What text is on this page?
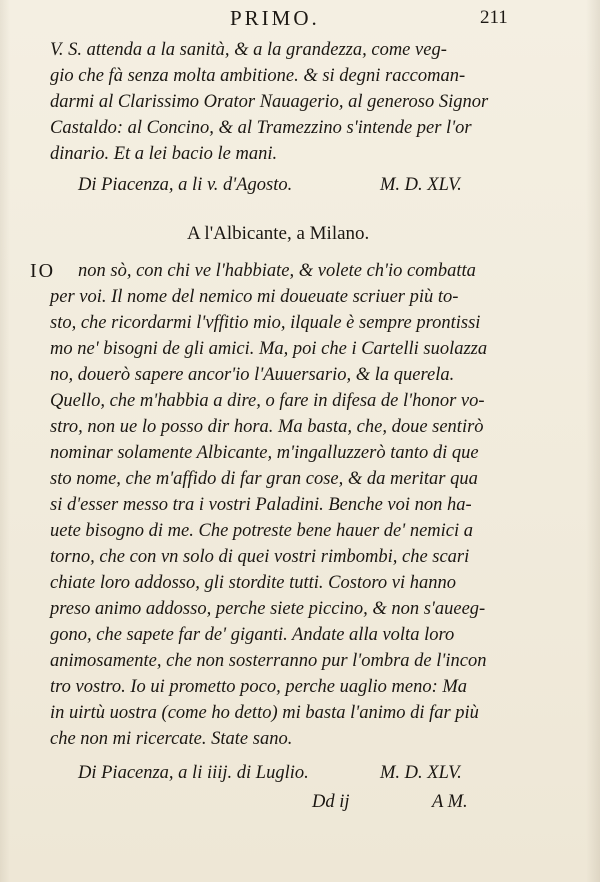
PRIMO.	211
V. S. attenda a la sanità, & a la grandezza, come veg-
gio che fà senza molta ambitione. & si degni raccoman-
darmi al Clarissimo Orator Nauagerio, al generoso Signor
Castaldo: al Concino, & al Tramezzino s'intende per l'or
dinario. Et a lei bacio le mani.
Di Piacenza, a li v. d'Agosto.	M. D. XLV.
A l'Albicante, a Milano.
IO non sò, con chi ve l'habbiate, & volete ch'io combatta
per voi. Il nome del nemico mi doueuate scriuer più to-
sto, che ricordarmi l'vffitio mio, ilquale è sempre prontissi
mo ne' bisogni de gli amici. Ma, poi che i Cartelli suolazza
no, douerò sapere ancor'io l'Auuersario, & la querela.
Quello, che m'habbia a dire, o fare in difesa de l'honor vo-
stro, non ue lo posso dir hora. Ma basta, che, doue sentirò
nominar solamente Albicante, m'ingalluzzerò tanto di que
sto nome, che m'affido di far gran cose, & da meritar qua
si d'esser messo tra i vostri Paladini. Benche voi non ha-
uete bisogno di me. Che potreste bene hauer de' nemici a
torno, che con vn solo di quei vostri rimbombi, che scari
chiate loro addosso, gli stordite tutti. Costoro vi hanno
preso animo addosso, perche siete piccino, & non s'aueeg-
gono, che sapete far de' giganti. Andate alla volta loro
animosamente, che non sosterranno pur l'ombra de l'incon
tro vostro. Io ui prometto poco, perche uaglio meno: Ma
in uirtù uostra (come ho detto) mi basta l'animo di far più
che non mi ricercate. State sano.
Di Piacenza, a li iiij. di Luglio.	M. D. XLV.
Dd ij	A M.
